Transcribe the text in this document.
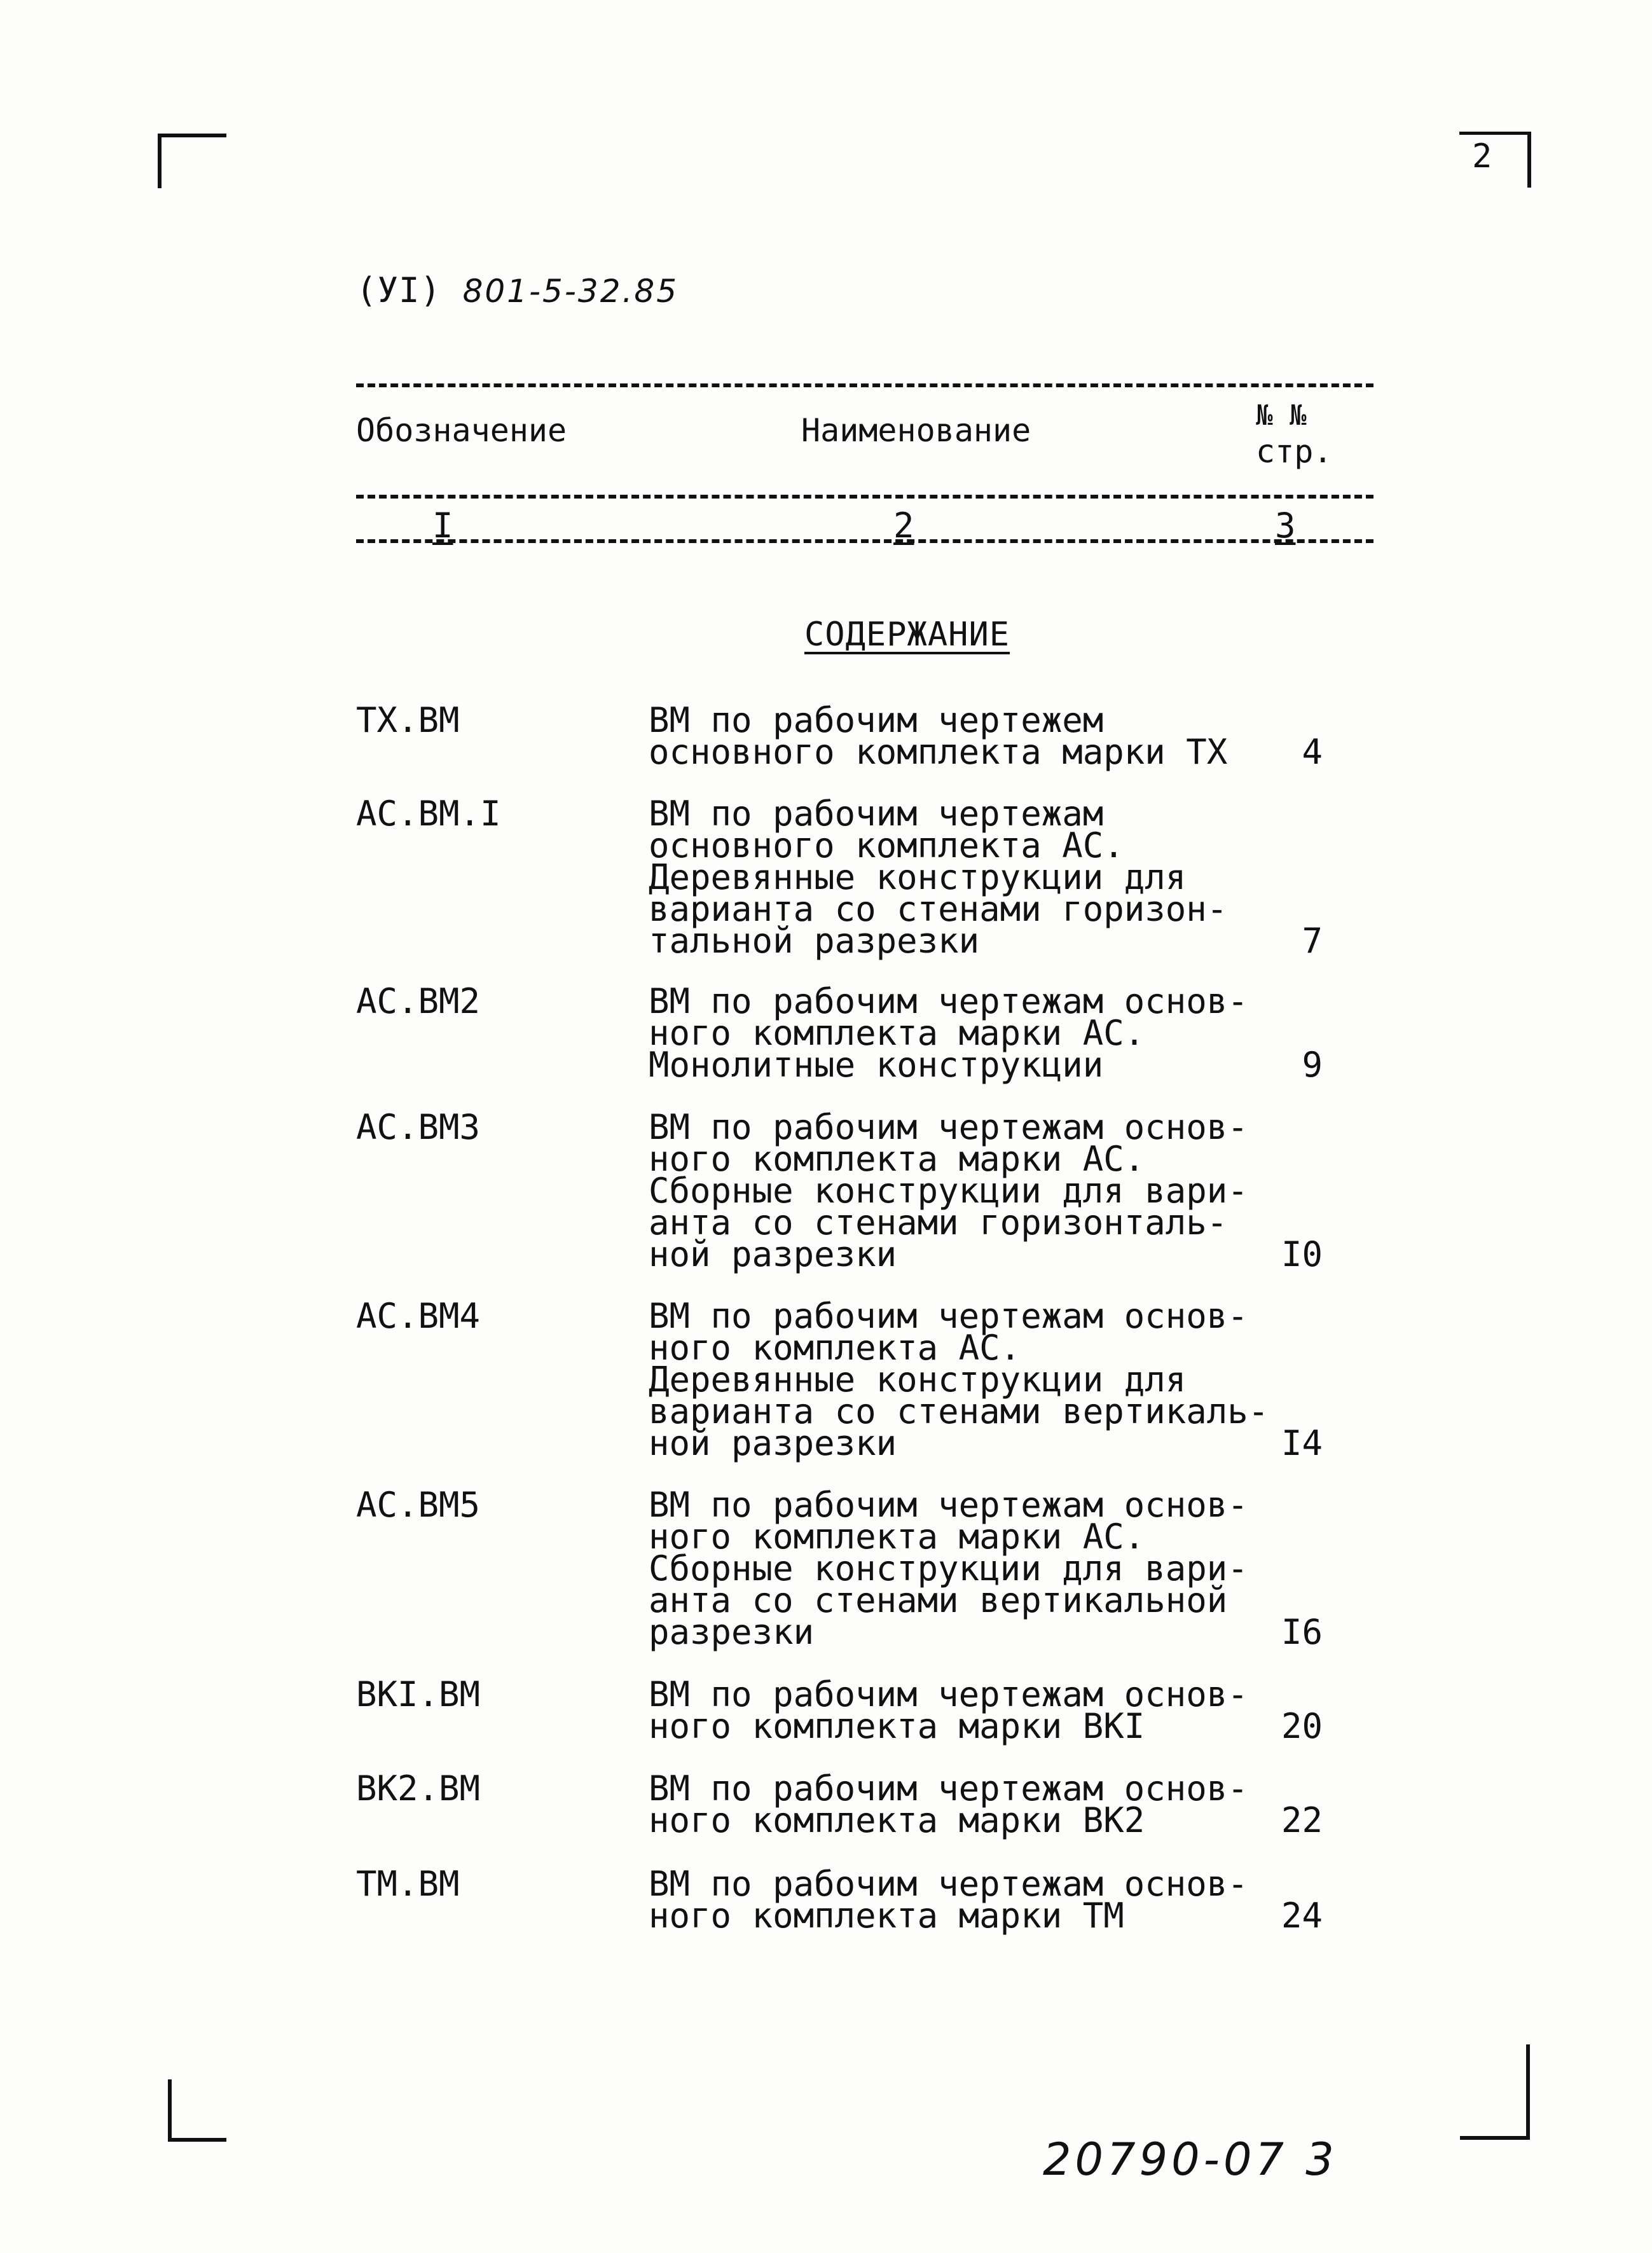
2
(УI) 801-5-32.85
Обозначение	Наименование	№ №
стр.
I	2	3
СОДЕРЖАНИЕ
ТХ.ВМ	ВМ по рабочим чертежем
основного комплекта марки ТХ	4
АС.ВМ.I	ВМ по рабочим чертежам
основного комплекта АС.
Деревянные конструкции для
варианта со стенами горизон-
тальной разрезки	7
АС.ВМ2	ВМ по рабочим чертежам основ-
ного комплекта марки АС.
Монолитные конструкции	9
АС.ВМ3	ВМ по рабочим чертежам основ-
ного комплекта марки АС.
Сборные конструкции для вари-
анта со стенами горизонталь-
ной разрезки	I0
АС.ВМ4	ВМ по рабочим чертежам основ-
ного комплекта АС.
Деревянные конструкции для
варианта со стенами вертикаль-
ной разрезки	I4
АС.ВМ5	ВМ по рабочим чертежам основ-
ного комплекта марки АС.
Сборные конструкции для вари-
анта со стенами вертикальной
разрезки	I6
ВКI.ВМ	ВМ по рабочим чертежам основ-
ного комплекта марки ВКI	20
ВК2.ВМ	ВМ по рабочим чертежам основ-
ного комплекта марки ВК2	22
ТМ.ВМ	ВМ по рабочим чертежам основ-
ного комплекта марки ТМ	24
20790-07 3
